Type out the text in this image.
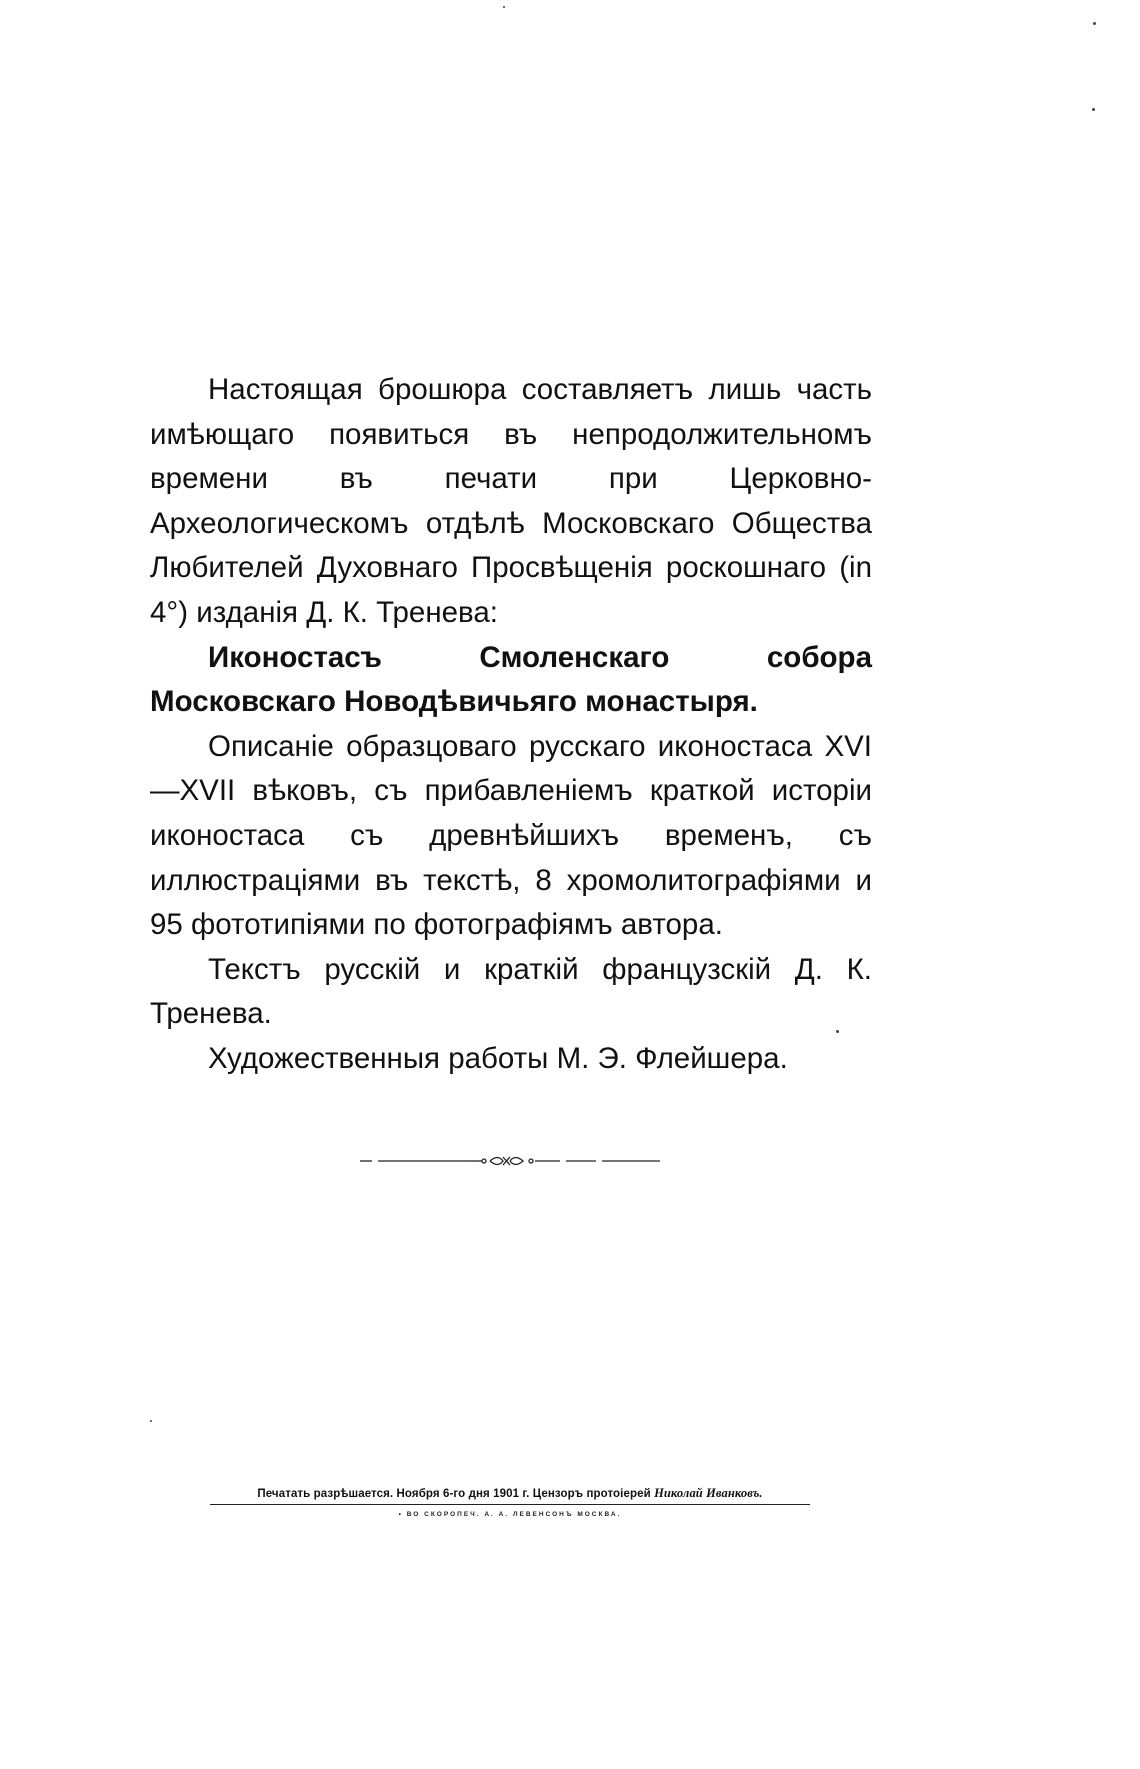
Настоящая брошюра составляетъ лишь часть имѣющаго появиться въ непродолжительномъ времени въ печати при Церковно-Археологическомъ отдѣлѣ Московскаго Общества Любителей Духовнаго Просвѣщенія роскошнаго (in 4°) изданія Д. К. Тренева:

Иконостасъ Смоленскаго собора Московскаго Новодѣвичьяго монастыря.

Описаніе образцоваго русскаго иконостаса XVI—XVII вѣковъ, съ прибавленіемъ краткой исторіи иконостаса съ древнѣйшихъ временъ, съ иллюстраціями въ текстѣ, 8 хромолитографіями и 95 фототипіями по фотографіямъ автора.

Текстъ русскій и краткій французскій Д. К. Тренева.

Художественныя работы М. Э. Флейшера.

Печатать разрѣшается. Ноября 6-го дня 1901 г. Цензоръ протоіерей Николай Иванковъ.
• ВО СКОРОПЕЧ. А. А. ЛЕВЕНСОНЪ МОСКВА.
